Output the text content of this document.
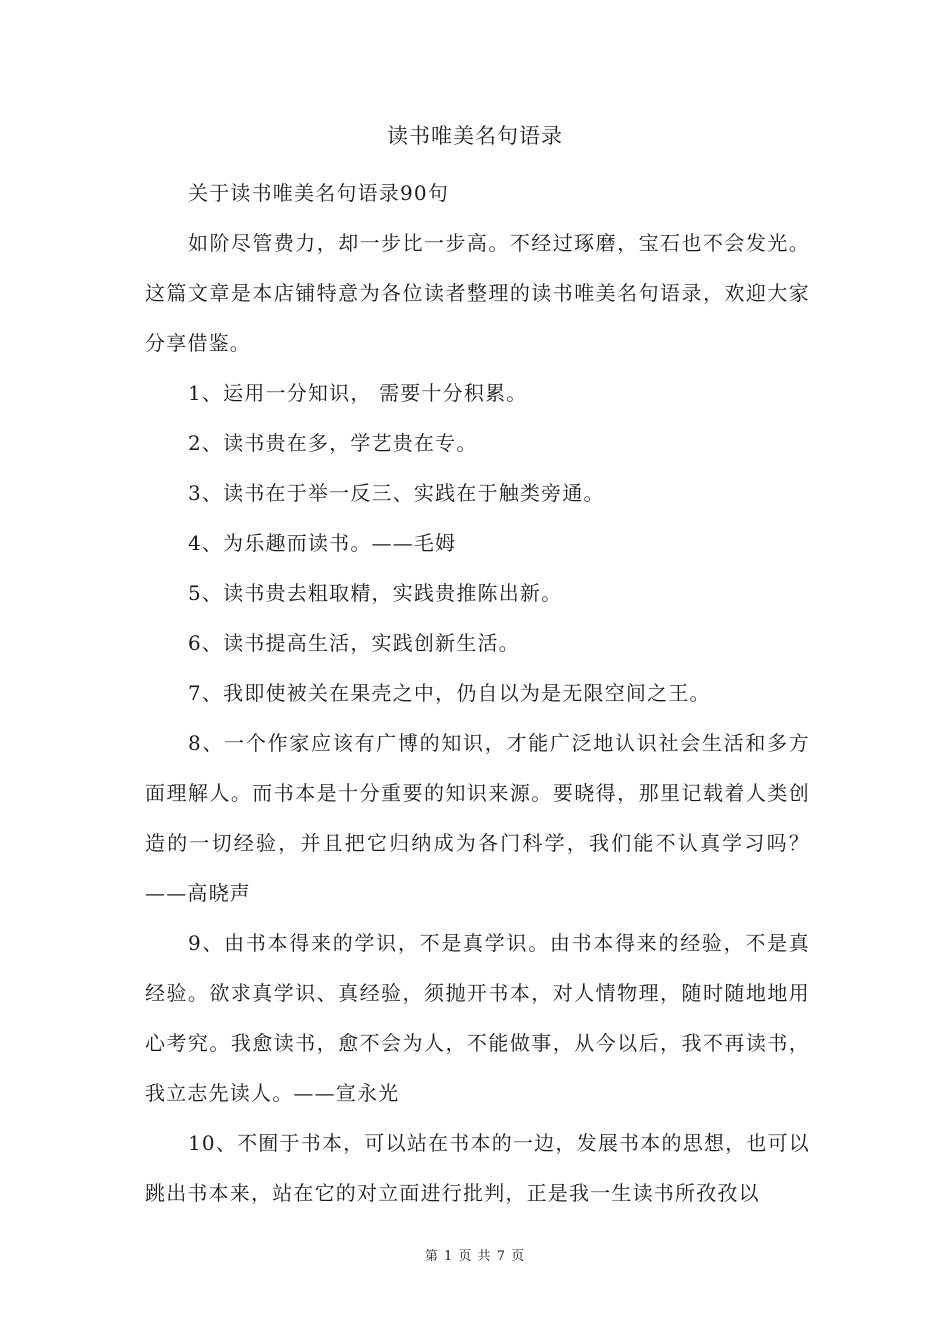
读书唯美名句语录

关于读书唯美名句语录90句

如阶尽管费力，却一步比一步高。不经过琢磨，宝石也不会发光。这篇文章是本店铺特意为各位读者整理的读书唯美名句语录，欢迎大家分享借鉴。

1、运用一分知识， 需要十分积累。

2、读书贵在多，学艺贵在专。

3、读书在于举一反三、实践在于触类旁通。

4、为乐趣而读书。——毛姆

5、读书贵去粗取精，实践贵推陈出新。

6、读书提高生活，实践创新生活。

7、我即使被关在果壳之中，仍自以为是无限空间之王。

8、一个作家应该有广博的知识，才能广泛地认识社会生活和多方面理解人。而书本是十分重要的知识来源。要晓得，那里记载着人类创造的一切经验，并且把它归纳成为各门科学，我们能不认真学习吗？——高晓声

9、由书本得来的学识，不是真学识。由书本得来的经验，不是真经验。欲求真学识、真经验，须抛开书本，对人情物理，随时随地地用心考究。我愈读书，愈不会为人，不能做事，从今以后，我不再读书，我立志先读人。——宣永光

10、不囿于书本，可以站在书本的一边，发展书本的思想，也可以跳出书本来，站在它的对立面进行批判，正是我一生读书所孜孜以

第 1 页 共 7 页
